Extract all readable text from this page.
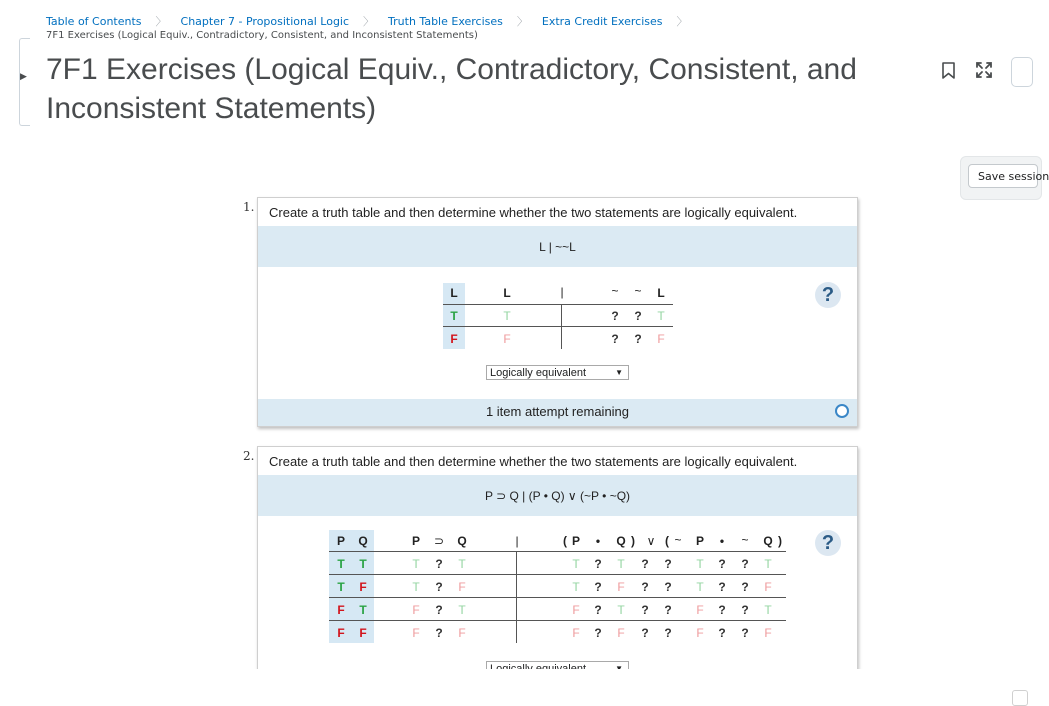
Table of Contents 〉 Chapter 7 - Propositional Logic 〉 Truth Table Exercises 〉 Extra Credit Exercises 〉
7F1 Exercises (Logical Equiv., Contradictory, Consistent, and Inconsistent Statements)
▶ 7F1 Exercises (Logical Equiv., Contradictory, Consistent, and Inconsistent Statements)
Save session
1. Create a truth table and then determine whether the two statements are logically equivalent.
L | ~~L
L	L	|	~ ~ L
T	T	? ? T
F	F	? ? F
?
Logically equivalent	▼
1 item attempt remaining
2. Create a truth table and then determine whether the two statements are logically equivalent.
P ⊃ Q | (P • Q) ∨ (~P • ~Q)
P Q	P ⊃ Q	|	( P	•	Q ) ∨ ( ~ P	•	~ Q )
T T	T ? T	T ? T ? ? T ? ? T
T F	T ? F	T ? F ? ? T ? ? F
F T	F ? T	F ? T ? ? F ? ? T
F F	F ? F	F ? F ? ? F ? ? F
?
